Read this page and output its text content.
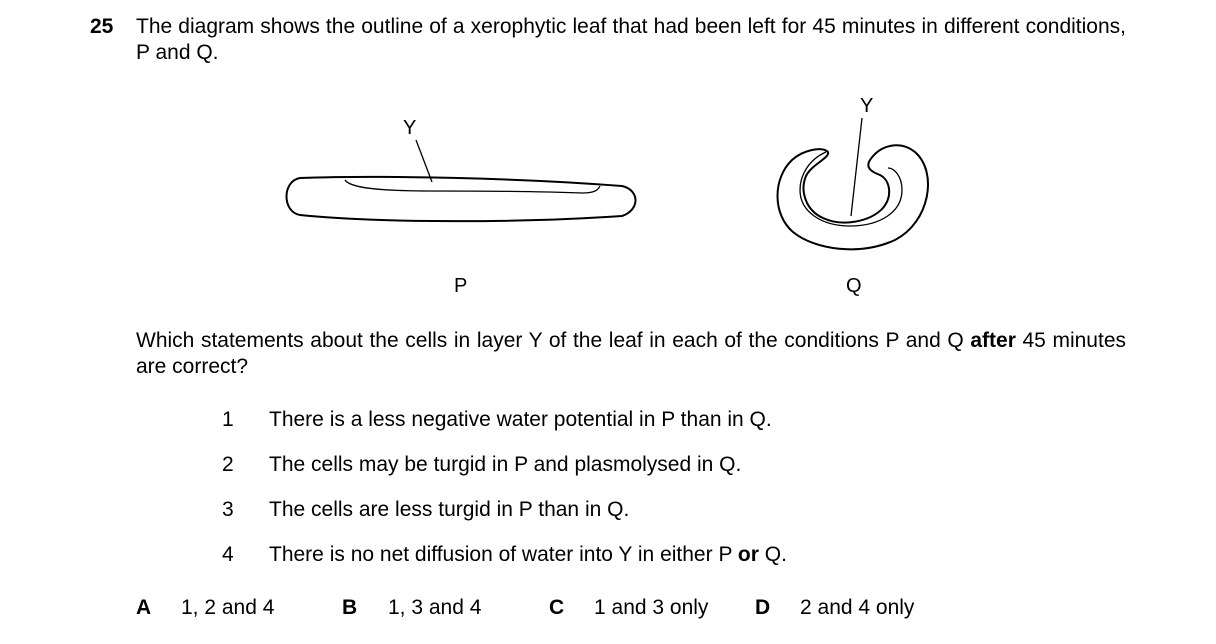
25 The diagram shows the outline of a xerophytic leaf that had been left for 45 minutes in different conditions, P and Q.
Y
Y
P	Q
Which statements about the cells in layer Y of the leaf in each of the conditions P and Q after 45 minutes are correct?
1	There is a less negative water potential in P than in Q.
2	The cells may be turgid in P and plasmolysed in Q.
3	The cells are less turgid in P than in Q.
4	There is no net diffusion of water into Y in either P or Q.
A 1, 2 and 4	B 1, 3 and 4	C 1 and 3 only D 2 and 4 only
